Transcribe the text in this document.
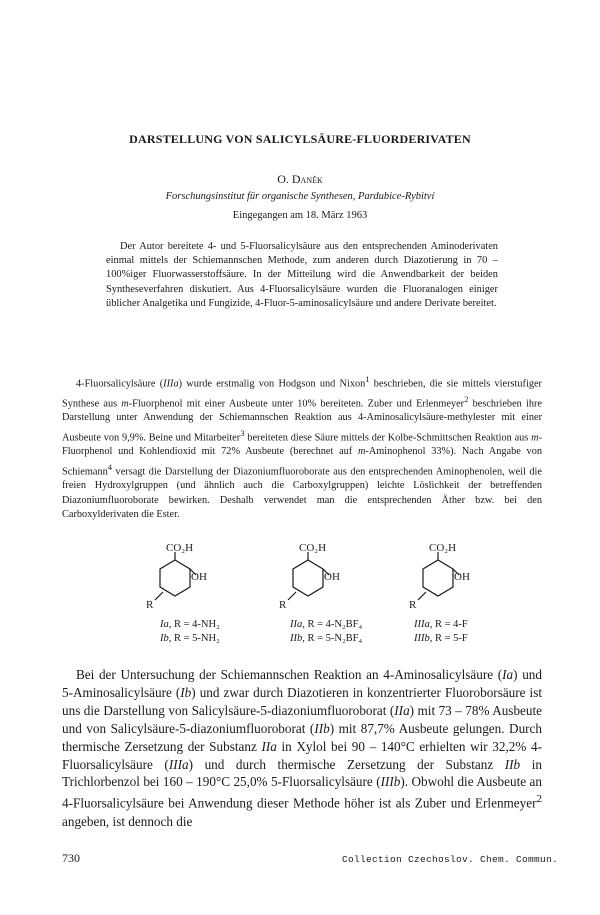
DARSTELLUNG VON SALICYLSÄURE-FLUORDERIVATEN
O. Daněk
Forschungsinstitut für organische Synthesen, Pardubice-Rybitví
Eingegangen am 18. März 1963
Der Autor bereitete 4- und 5-Fluorsalicylsäure aus den entsprechenden Aminoderivaten einmal mittels der Schiemannschen Methode, zum anderen durch Diazotierung in 70 – 100%iger Fluorwasserstoffsäure. In der Mitteilung wird die Anwendbarkeit der beiden Syntheseverfahren diskutiert. Aus 4-Fluorsalicylsäure wurden die Fluoranalogen einiger üblicher Analgetika und Fungizide, 4-Fluor-5-aminosalicylsäure und andere Derivate bereitet.
4-Fluorsalicylsäure (IIIa) wurde erstmalig von Hodgson und Nixon$^1$ beschrieben, die sie mittels vierstufiger Synthese aus m-Fluorphenol mit einer Ausbeute unter 10% bereiteten. Zuber und Erlenmeyer$^2$ beschrieben ihre Darstellung unter Anwendung der Schiemannschen Reaktion aus 4-Aminosalicylsäure-methylester mit einer Ausbeute von 9,9%. Beine und Mitarbeiter$^3$ bereiteten diese Säure mittels der Kolbe-Schmittschen Reaktion aus m-Fluorphenol und Kohlendioxid mit 72% Ausbeute (berechnet auf m-Aminophenol 33%). Nach Angabe von Schiemann$^4$ versagt die Darstellung der Diazoniumfluoroborate aus den entsprechenden Aminophenolen, weil die freien Hydroxylgruppen (und ähnlich auch die Carboxylgruppen) leichte Löslichkeit der betreffenden Diazoniumfluoroborate bewirken. Deshalb verwendet man die entsprechenden Äther bzw. bei den Carboxylderivaten die Ester.
CO₂H
OH
R
Ia, R = 4-NH₂
Ib, R = 5-NH₂
CO₂H
OH
R
IIa, R = 4-N₂BF₄
IIb, R = 5-N₂BF₄
CO₂H
OH
R
IIIa, R = 4-F
IIIb, R = 5-F
Bei der Untersuchung der Schiemannschen Reaktion an 4-Aminosalicylsäure (Ia) und 5-Aminosalicylsäure (Ib) und zwar durch Diazotieren in konzentrierter Fluoroborsäure ist uns die Darstellung von Salicylsäure-5-diazoniumfluoroborat (IIa) mit 73 – 78% Ausbeute und von Salicylsäure-5-diazoniumfluoroborat (IIb) mit 87,7% Ausbeute gelungen. Durch thermische Zersetzung der Substanz IIa in Xylol bei 90 – 140°C erhielten wir 32,2% 4-Fluorsalicylsäure (IIIa) und durch thermische Zersetzung der Substanz IIb in Trichlorbenzol bei 160 – 190°C 25,0% 5-Fluorsalicylsäure (IIIb). Obwohl die Ausbeute an 4-Fluorsalicylsäure bei Anwendung dieser Methode höher ist als Zuber und Erlenmeyer$^2$ angeben, ist dennoch die
730	Collection Czechoslov. Chem. Commun.
